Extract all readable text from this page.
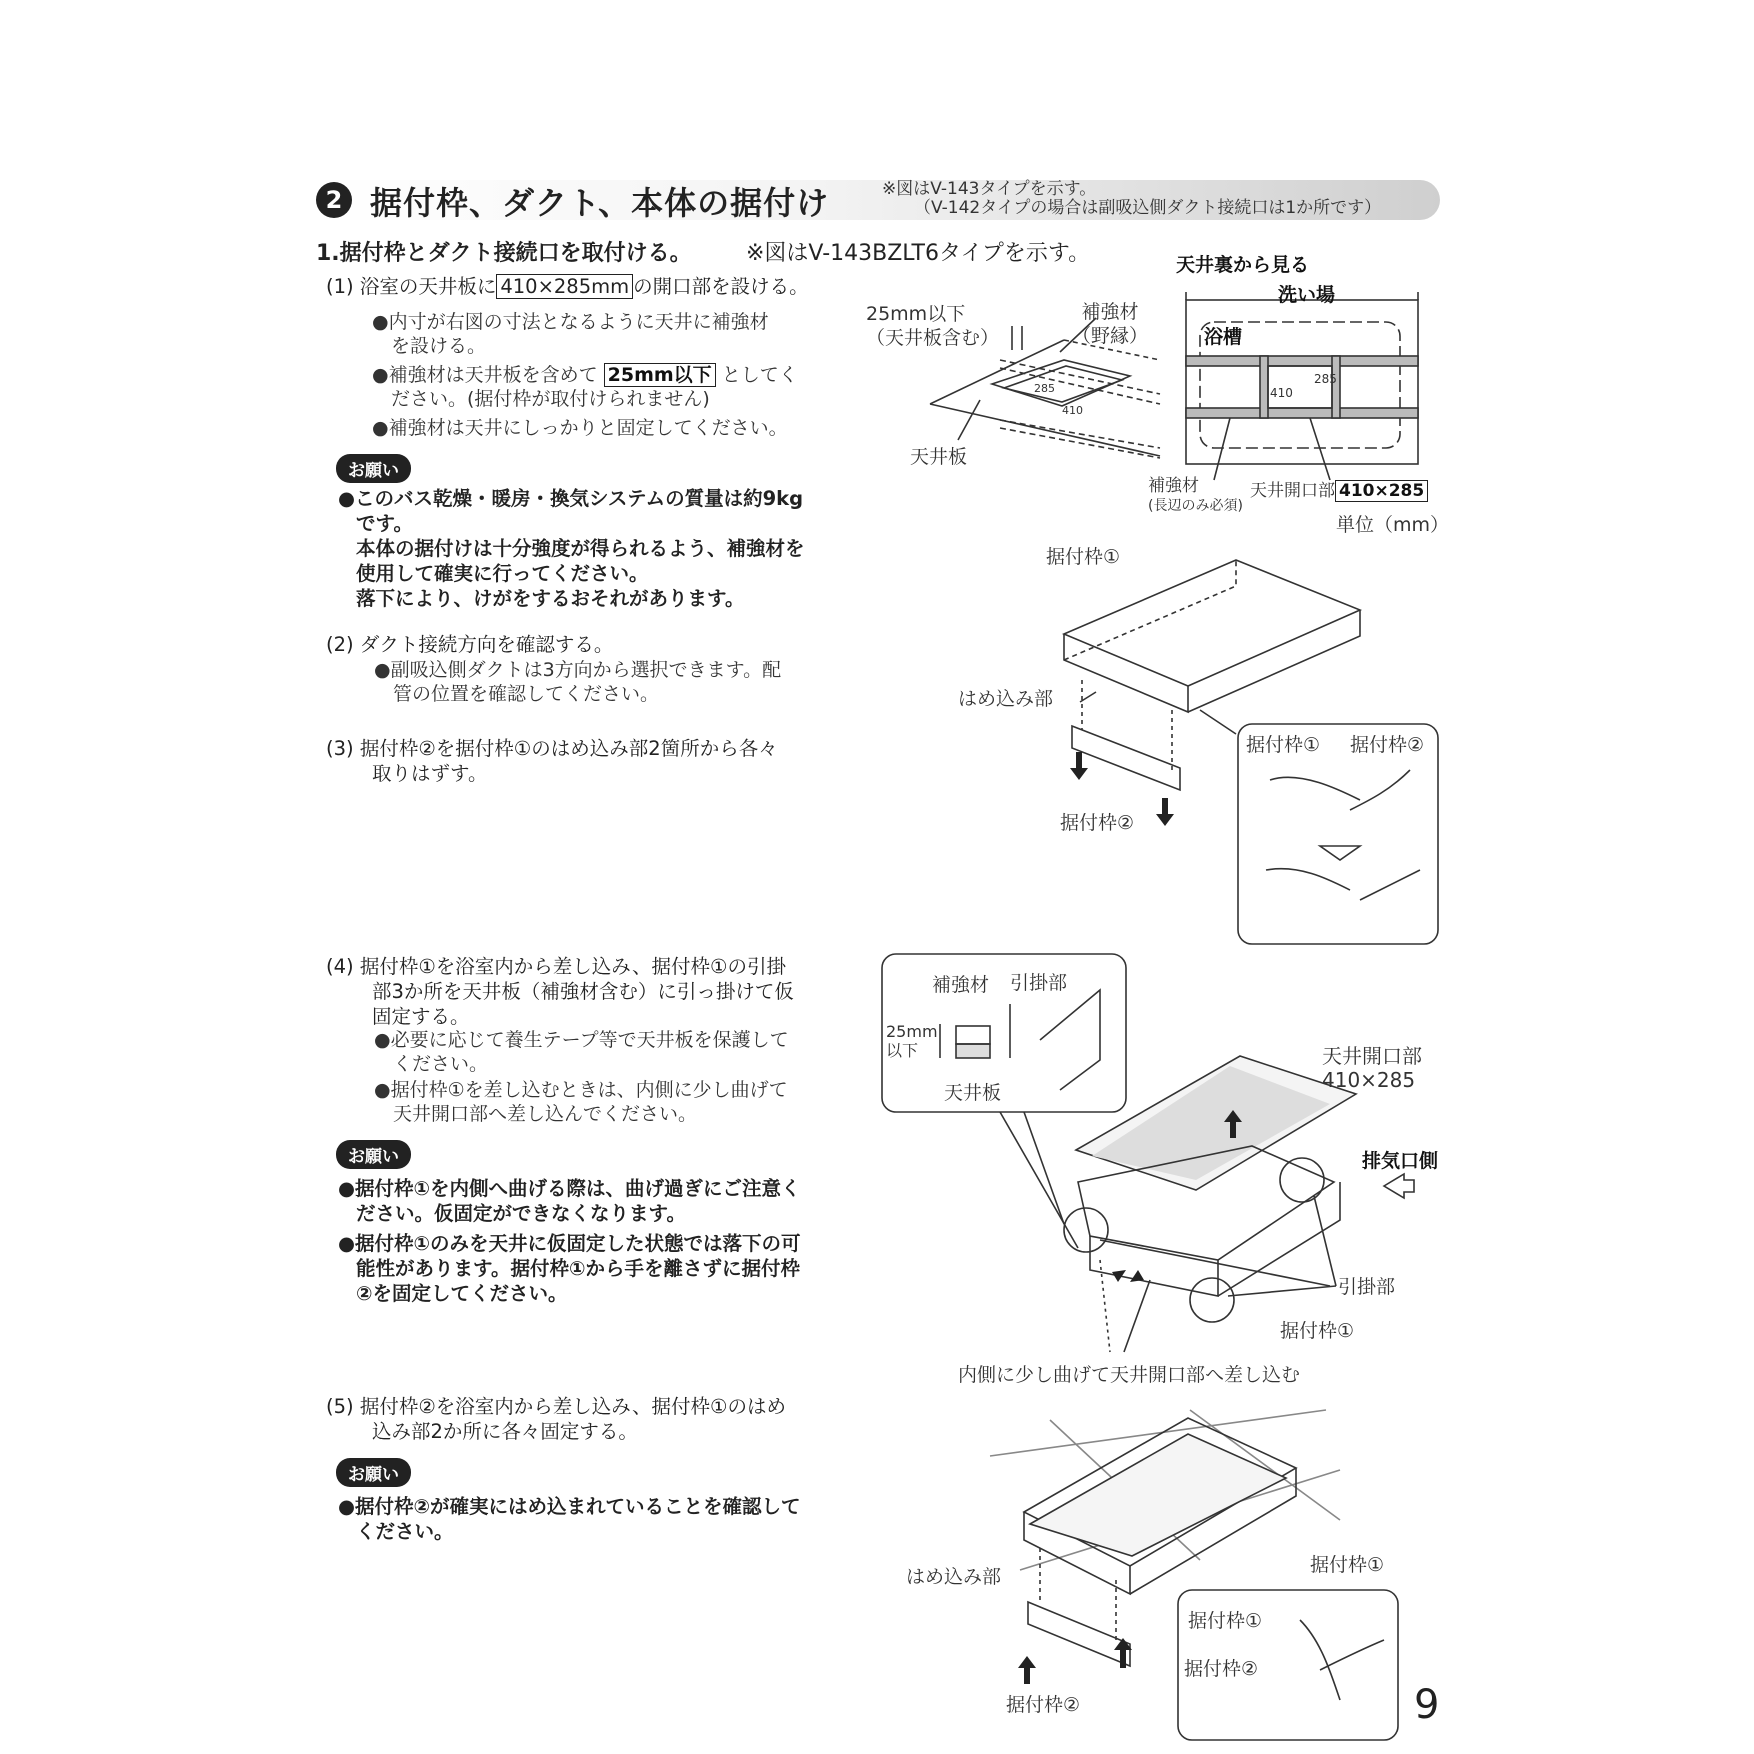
2 据付枠、ダクト、本体の据付け	※図はV-143タイプを示す。
（V-142タイプの場合は副吸込側ダクト接続口は1か所です）
1.据付枠とダクト接続口を取付ける。 ※図はV-143BZLT6タイプを示す。
(1) 浴室の天井板に 410×285mm の開口部を設ける。
●内寸が右図の寸法となるように天井に補強材
を設ける。
●補強材は天井板を含めて 25mm以下 としてく
ださい。(据付枠が取付けられません)
●補強材は天井にしっかりと固定してください。
お願い
●このバス乾燥・暖房・換気システムの質量は約9kg
です。
本体の据付けは十分強度が得られるよう、補強材を
使用して確実に行ってください。
落下により、けがをするおそれがあります。
(2) ダクト接続方向を確認する。
●副吸込側ダクトは3方向から選択できます。配
管の位置を確認してください。
(3) 据付枠②を据付枠①のはめ込み部2箇所から各々
取りはずす。
(4) 据付枠①を浴室内から差し込み、据付枠①の引掛
部3か所を天井板（補強材含む）に引っ掛けて仮
固定する。
●必要に応じて養生テープ等で天井板を保護して
ください。
●据付枠①を差し込むときは、内側に少し曲げて
天井開口部へ差し込んでください。
お願い
●据付枠①を内側へ曲げる際は、曲げ過ぎにご注意く
ださい。仮固定ができなくなります。
●据付枠①のみを天井に仮固定した状態では落下の可
能性があります。据付枠①から手を離さずに据付枠
②を固定してください。
(5) 据付枠②を浴室内から差し込み、据付枠①のはめ
込み部2か所に各々固定する。
お願い
●据付枠②が確実にはめ込まれていることを確認して
ください。
25mm以下
（天井板含む）
補強材
（野縁）
天井板
285
410
天井裏から見る
洗い場
浴槽
410
285
補強材
(長辺のみ必須)
天井開口部 410×285
単位（mm）
据付枠①
はめ込み部
据付枠②
据付枠① 据付枠②
補強材 引掛部
25mm
以下
天井板
天井開口部
410×285
排気口側
引掛部
据付枠①
内側に少し曲げて天井開口部へ差し込む
据付枠①
はめ込み部
据付枠①
据付枠②
据付枠②	9
